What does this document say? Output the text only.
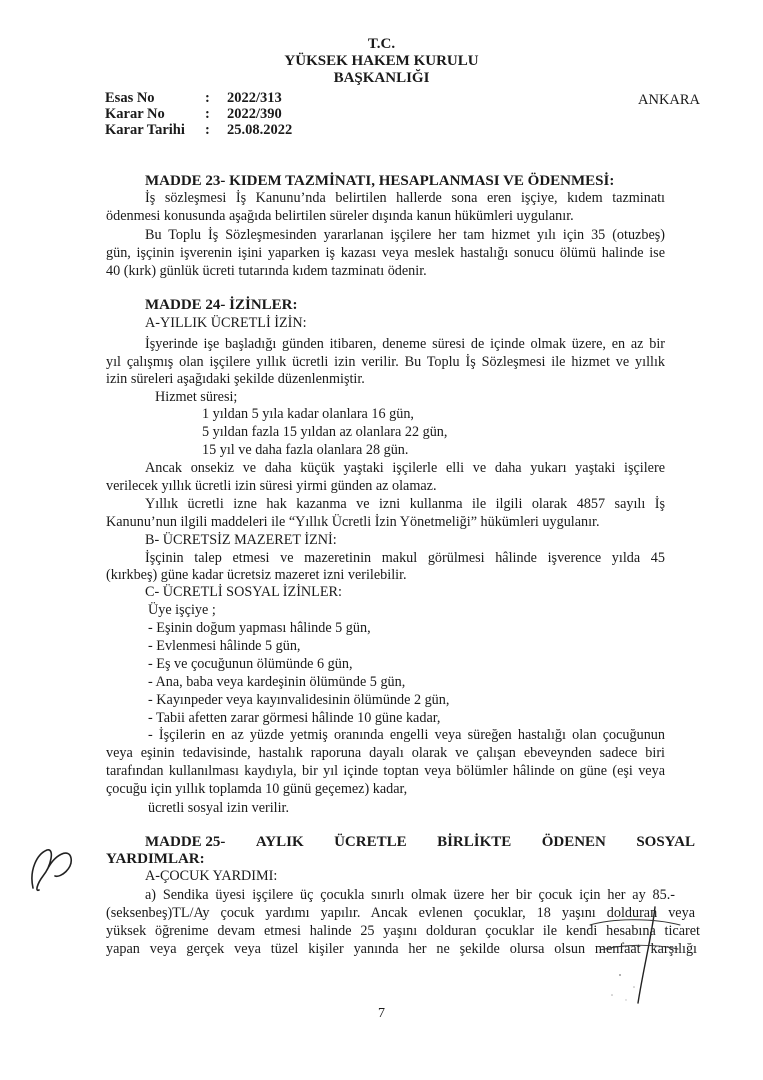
T.C.
YÜKSEK HAKEM KURULU
BAŞKANLIĞI
ANKARA
Esas No	: 2022/313
Karar No	: 2022/390
Karar Tarihi : 25.08.2022
MADDE 23- KIDEM TAZMİNATI, HESAPLANMASI VE ÖDENMESİ:
İş sözleşmesi İş Kanunu’nda belirtilen hallerde sona eren işçiye, kıdem tazminatı
ödenmesi konusunda aşağıda belirtilen süreler dışında kanun hükümleri uygulanır.
Bu Toplu İş Sözleşmesinden yararlanan işçilere her tam hizmet yılı için 35 (otuzbeş)
gün, işçinin işverenin işini yaparken iş kazası veya meslek hastalığı sonucu ölümü halinde ise
40 (kırk) günlük ücreti tutarında kıdem tazminatı ödenir.
MADDE 24- İZİNLER:
A-YILLIK ÜCRETLİ İZİN:
İşyerinde işe başladığı günden itibaren, deneme süresi de içinde olmak üzere, en az bir
yıl çalışmış olan işçilere yıllık ücretli izin verilir. Bu Toplu İş Sözleşmesi ile hizmet ve yıllık
izin süreleri aşağıdaki şekilde düzenlenmiştir.
Hizmet süresi;
1 yıldan 5 yıla kadar olanlara 16 gün,
5 yıldan fazla 15 yıldan az olanlara 22 gün,
15 yıl ve daha fazla olanlara 28 gün.
Ancak onsekiz ve daha küçük yaştaki işçilerle elli ve daha yukarı yaştaki işçilere
verilecek yıllık ücretli izin süresi yirmi günden az olamaz.
Yıllık ücretli izne hak kazanma ve izni kullanma ile ilgili olarak 4857 sayılı İş
Kanunu’nun ilgili maddeleri ile “Yıllık Ücretli İzin Yönetmeliği” hükümleri uygulanır.
B- ÜCRETSİZ MAZERET İZNİ:
İşçinin talep etmesi ve mazeretinin makul görülmesi hâlinde işverence yılda 45
(kırkbeş) güne kadar ücretsiz mazeret izni verilebilir.
C- ÜCRETLİ SOSYAL İZİNLER:
Üye işçiye ;
- Eşinin doğum yapması hâlinde 5 gün,
- Evlenmesi hâlinde 5 gün,
- Eş ve çocuğunun ölümünde 6 gün,
- Ana, baba veya kardeşinin ölümünde 5 gün,
- Kayınpeder veya kayınvalidesinin ölümünde 2 gün,
- Tabii afetten zarar görmesi hâlinde 10 güne kadar,
- İşçilerin en az yüzde yetmiş oranında engelli veya süreğen hastalığı olan çocuğunun
veya eşinin tedavisinde, hastalık raporuna dayalı olarak ve çalışan ebeveynden sadece biri
tarafından kullanılması kaydıyla, bir yıl içinde toptan veya bölümler hâlinde on güne (eşi veya
çocuğu için yıllık toplamda 10 günü geçemez) kadar,
ücretli sosyal izin verilir.
MADDE 25- AYLIK ÜCRETLE BİRLİKTE ÖDENEN SOSYAL
YARDIMLAR:
A-ÇOCUK YARDIMI:
a) Sendika üyesi işçilere üç çocukla sınırlı olmak üzere her bir çocuk için her ay 85.-
(seksenbeş)TL/Ay çocuk yardımı yapılır. Ancak evlenen çocuklar, 18 yaşını dolduran veya
yüksek öğrenime devam etmesi halinde 25 yaşını dolduran çocuklar ile kendi hesabına ticaret
yapan veya gerçek veya tüzel kişiler yanında her ne şekilde olursa olsun menfaat karşılığı
7
